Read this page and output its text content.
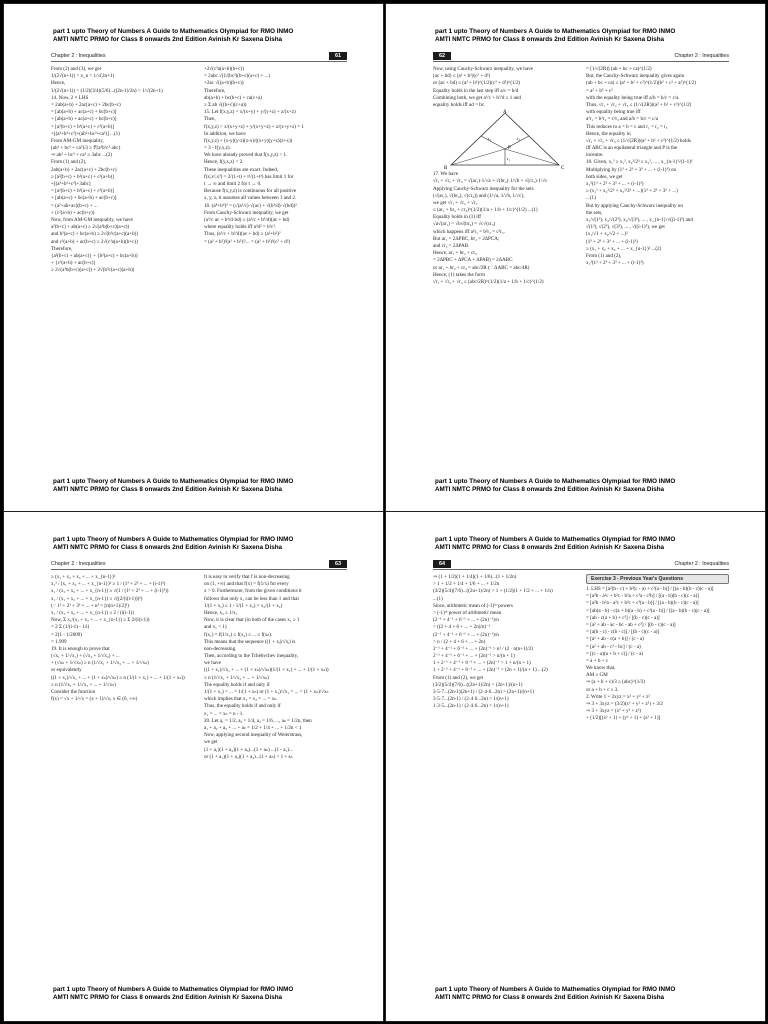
part 1 upto Theory of Numbers A Guide to Mathematics Olympiad for RMO INMO
AMTI NMTC PRMO for Class 8 onwards 2nd Edition Avinish Kr Saxena Disha
Chapter 2 : Inequalities	61
From (2) and (3), we get
1/(2√(n+1)) < x_n < 1/√(2n+1)
Hence,
1/(2√(n+1)) < (1/2)(3/4)(5/6)...((2n-1)/2n) < 1/√(2n+1)
14. Now, 2 × LHS
= 2ab(a+b) + 2ac(a+c) + 2bc(b+c)
= [ab(a+b) + ac(a+c) + bc(b+c)]
+ [ab(a+b) + ac(a+c) + bc(b+c)]
= [a²(b+c) + b²(a+c) + c²(a+b)]
+[(a³+b³+c³)+(ab²+bc²+ca²)] ...(1)
From AM-GM inequality,
(ab³ + bc³ + ca³)/3 ≥ ∛(a³b³c³·abc)
⇒ ab³ + bc³ + ca³ ≥ 3abc ...(2)
From (1) and (2),
2ab(a+b) + 2ac(a+c) + 2bc(b+c)
≥ [a²(b+c) + b²(a+c) + c²(a+b)]
+[(a³+b³+c³)+3abc]
= [a²(b+c) + b²(a+c) + c²(a+b)]
+ [ab(a+c) + bc(a+b) + ac(b+c)]
= (a²+ab+ac)(b+c) + ...
+ (c²(a+b) + ac(b+c))
Now, from AM-GM inequality, we have
a²(b+c) + ab(a+c) ≥ 2√(a³b(b+c)(a+c))
and b²(a+c) + bc(a+b) ≥ 2√(b³c(a+c)(a+b))
and c²(a+b) + ac(b+c) ≥ 2√(c³a(a+b)(b+c))
Therefore,
{a²(b+c) + ab(a+c)} + {b²(a+c) + bc(a+b)}
+ {c²(a+b) + ac(b+c)}
≥ 2√(a³b(b+c)(a+c)) + 2√(b³c(a+c)(a+b))
+2√(c³a(a+b)(b+c))
= 2abc √(1/(bc²)(b+c)(a+c) + ...)
+2ac √((a+b)(b+c))
Therefore,
ab(a+b) + bc(b+c) + ca(c+a)
≥ Σ ab √((b+c)(c+a))
15. Let f(x,y,z) = x/(x+y) + y/(y+z) + z/(x+z)
Then,
f(x,y,z) > x/(x+y+z) + y/(x+y+z) + z/(x+y+z) = 1
In addition, we have
f(x,y,z) + (x-y)(y-z)(z-x)/((x+y)(y+z)(z+x))
= 3 - f(y,x,z).
We have already proved that f(x,y,z) > 1.
Hence, f(y,x,z) < 2.
These inequalities are exact. Indeed,
f(x,x²,x³) = 2/(1+t) + t²/(1+t²) has limit 1 for
t → ∞ and limit 2 for t → 0.
Because f(x,y,z) is continuous for all positive
x, y, z, it assumes all values between 1 and 2.
16. (a⁴+b⁴)² = (√(a³/c)·√(ac) + √(b³/d)·√(bd))²
From Cauchy-Schwarz inequality, we get
(a³/c·ac + b³/d·bd) ≤ (a³/c + b³/d)(ac + bd)
where equality holds iff a²d² = b²c².
Thus, (a³/c + b³/d)(ac + bd) ≥ (a²+b²)²
= (a² + b²)²(a² + b²)²/... = (a² + b²)²(c² + d²)
part 1 upto Theory of Numbers A Guide to Mathematics Olympiad for RMO INMO
AMTI NMTC PRMO for Class 8 onwards 2nd Edition Avinish Kr Saxena Disha
part 1 upto Theory of Numbers A Guide to Mathematics Olympiad for RMO INMO
AMTI NMTC PRMO for Class 8 onwards 2nd Edition Avinish Kr Saxena Disha
62	Chapter 2 : Inequalities
Now, using Cauchy-Schwarz inequality, we have
(ac + bd) ≤ (a² + b²)(c² + d²)
or (ac + bd) ≤ (a² + b²)^(1/2)(c² + d²)^(1/2)
Equality holds in the last step iff a/c = b/d
Combining both, we get a³/c + b³/d ≥ 1 and
equality holds iff ad = bc.
A
B	C
P
r₁
r₂	r₃
17. We have
√r₁ + √r₂ + √r₃ = √(ar₁)·1/√a + √(br₂)·1/√b + √(cr₃)·1/√c
Applying Cauchy-Schwarz inequality for the sets
(√(ar₁), √(br₂), √(cr₃)) and (1/√a, 1/√b, 1/√c),
we get √r₁ + √r₂ + √r₃
≤ (ar₁ + br₂ + cr₃)^(1/2)(1/a + 1/b + 1/c)^(1/2) ...(1)
Equality holds in (1) iff
√a√(ar₁) = √b√(br₂) = √c√(cr₃)
which happens iff a²r₁ = b²r₂ = c²r₃.
But ar₁ = 2ΔPBC, br₂ = 2ΔPCA;
and cr₃ = 2ΔPAB.
Hence, ar₁ + br₂ + cr₃
= 2ΔPBC + ΔPCA + ΔPAB) = 2ΔABC
or ar₁ + br₂ + cr₃ = abc/2R (∵ ΔABC = abc/4R)
Hence, (1) takes the form
√r₁ + √r₂ + √r₃ ≤ (abc/2R)^(1/2)(1/a + 1/b + 1/c)^(1/2)
= (1/√(2R)) (ab + bc + ca)^(1/2)
But, the Cauchy-Schwarz inequality gives again
(ab + bc + ca) ≤ (a² + b² + c²)^(1/2)(b² + c² + a²)^(1/2)
= a² + b² + c²
with the equality being true iff a/b = b/c = c/a
Thus, √r₁ + √r₂ + √r₃ ≤ (1/√(2R))(a² + b² + c²)^(1/2)
with equality being true iff
a²r₁ = b²r₂ = c²r₃ and a/b = b/c = c/a
This reduces to a = b = c and r₁ = r₂ = r₃
Hence, the equality in
√r₁ + √r₂ + √r₃ ≤ (1/√(2R))(a² + b² + c²)^(1/2) holds
iff ΔBC is an equilateral triangle and P is the
incentre.
18. Given, x₁² ≥ x₁², x₂²/2³ ≥ x₂², ... , x_{n-1}²/(1-1)²
Multiplying by (1³ + 2³ + 3³ + ... + (i-1)³) on
both sides, we get
x₁²(1³ + 2³ + 3³ + ... + (i-1)³)
≥ (x₁² + x₂²/2³ + x₃²/3³ + ...)(1³ + 2³ + 3³ + ...)
...(1)
But by applying Cauchy-Schwarz inequality on
the sets,
x₁/√(1³), x₂/√(2³), x₃/√(3³), ... , x_{n-1}/√((i-1)³) and
√(1³), √(2³), √(3³), ... , √((i-1)³), we get
(x₁/√1 + x₂/√2 + ...)²
(1³ + 2³ + 3³ + ... + (i-1)³)
≥ (x₁ + x₂ + x₃ + ... + x_{n-1})² ...(2)
From (1) and (2),
x₁²(1³ + 2³ + 3³ + ... + (i-1)³)
part 1 upto Theory of Numbers A Guide to Mathematics Olympiad for RMO INMO
AMTI NMTC PRMO for Class 8 onwards 2nd Edition Avinish Kr Saxena Disha
part 1 upto Theory of Numbers A Guide to Mathematics Olympiad for RMO INMO
AMTI NMTC PRMO for Class 8 onwards 2nd Edition Avinish Kr Saxena Disha
Chapter 2 : Inequalities	63
≥ (x₁ + x₂ + x₃ + ... + x_{n-1})²
x₁² / (x₁ + x₂ + ... + x_{n-1})² ≥ 1 / (1³ + 2³ + ... + (i-1)³)
x₁ / (x₁ + x₂ + ... + x_{n-1}) ≥ √(1 / (1³ + 2³ + ... + (i-1)³))
x₁ / (x₁ + x₂ + ... + x_{n-1}) ≥ √((2/(i(i-1)))²)
(∵ 1³ + 2³ + 3³ + ... + n³ = [n(n+1)/2]²)
x₁ / (x₁ + x₂ + ... + x_{n-1}) ≥ 2 / (i(i-1))
Now, Σ x₁/(x₁ + x₂ + ... + x_{n-1}) ≥ Σ 2/(i(i-1))
= 2 Σ (1/(i-1) - 1/i)
= 2(1 - 1/2009)
= 1.999
19. It is enough to prove that
(√x₁ + 1/√x₁) + (√x₂ + 1/√x₂) + ...
+ (√xₙ + 1/√xₙ) ≥ n (1/√x₁ + 1/√x₂ + ... + 1/√xₙ)
or equivalently
((1 + x₁)/√x₁ + ... + (1 + xₙ)/√xₙ) ≥ n (1/(1 + x₁) + ... + 1/(1 + xₙ))
≥ n (1/√x₁ + 1/√x₂ + ... + 1/√xₙ)
Consider the function
f(x) = √x + 1/√x = (x + 1)/√x, x ∈ (0, +∞)
It is easy to verify that f is non-decreasing
on (1, +∞) and that f(x) = f(1/x) for every
x > 0. Furthermore, from the given conditions it
follows that only x₁ can be less than 1 and that
1/(1 + x₁) ≤ 1 - 1/(1 + x₂) = x₂/(1 + x₂)
Hence, x₂ ≥ 1/x₁
Now, it is clear that (in both of the cases x₁ ≥ 1
and x₁ < 1)
f(x₁) = f(1/x₁) ≤ f(x₂) ≤ ... ≤ f(xₙ).
This means that the sequence ((1 + xᵢ)/√xᵢ) is
non-decreasing.
Then, according to the Tchebychev inequality,
we have
((1 + x₁)/√x₁ + ... + (1 + xₙ)/√xₙ)(1/(1 + x₁) + ... + 1/(1 + xₙ))
≥ n (1/√x₁ + 1/√x₂ + ... + 1/√xₙ)
The equality holds if and only if
1/(1 + x₁) = ... = 1/(1 + xₙ) or (1 + x₁)/√x₁ = ... = (1 + xₙ)/√xₙ
which implies that x₁ = x₂ = ... = xₙ.
Thus, the equality holds if and only if
x₁ = ... = xₙ = n - 1.
20. Let a₁ = 1/2, a₂ = 1/4, a₃ = 1/6, ..., aₙ = 1/2n, then
a₁ + a₂ + a₃ + ... + aₙ = 1/2 + 1/4 + ... + 1/2n < 1
Now, applying second inequality of Weierstrass,
we get
(1 + a₁)(1 + a₂)(1 + a₃)...(1 + aₙ) ...(1 - a₁)...
or (1 + a₁)(1 + a₂)(1 + a₃)...(1 + aₙ) > 1 + sₙ
part 1 upto Theory of Numbers A Guide to Mathematics Olympiad for RMO INMO
AMTI NMTC PRMO for Class 8 onwards 2nd Edition Avinish Kr Saxena Disha
part 1 upto Theory of Numbers A Guide to Mathematics Olympiad for RMO INMO
AMTI NMTC PRMO for Class 8 onwards 2nd Edition Avinish Kr Saxena Disha
64	Chapter 2 : Inequalities
⇒ (1 + 1/2)(1 + 1/4)(1 + 1/6)...(1 + 1/2n)
> 1 + 1/2 + 1/4 + 1/6 + ... + 1/2n
(3/2)(5/4)(7/6)...((2n+1)/2n) > 1 + (1/2)(1 + 1/2 + ... + 1/n)
...(1)
Since, arithmetic mean of (-1)ᵗʰ powers
> (-1)ᵗʰ power of arithmetic mean
(2⁻¹ + 4⁻¹ + 6⁻¹ + ... + (2n)⁻¹)/n
> ((2 + 4 + 6 + ... + 2n)/n)⁻¹
(2⁻¹ + 4⁻¹ + 6⁻¹ + ... + (2n)⁻¹)/n
> n / (2 + 4 + 6 + ... + 2n)
2⁻¹ + 4⁻¹ + 6⁻¹ + ... + (2n)⁻¹ > n² / (2 · n(n+1)/2)
2⁻¹ + 4⁻¹ + 6⁻¹ + ... + (2n)⁻¹ > n/(n + 1)
1 + 2⁻¹ + 4⁻¹ + 6⁻¹ + ... + (2n)⁻¹ > 1 + n/(n + 1)
1 + 2⁻¹ + 4⁻¹ + 6⁻¹ + ... + (2n)⁻¹ > (2n + 1)/(n + 1) ...(2)
From (1) and (2), we get
(3/2)(5/4)(7/6)...((2n+1)/2n) > (2n+1)/(n+1)
3·5·7...(2n-1)(2n+1) / (2·4·6...2n) > (2n+1)/(n+1)
3·5·7...(2n-1) / (2·4·6...2n) > 1/(n+1)
1·3·5...(2n-1) / (2·4·6...2n) > 1/(n+1)
Exercise 3 - Previous Year's Questions
1. LHS = [a²(b - c) + b²(c - a) + c²(a - b)] / [(a - b)(b - c)(c - a)]
= [a²b - a²c + b²c - b²a + c²a - c²b] / [(a - b)(b - c)(c - a)]
= [a²b - b²a - a²c + b²c + c²(a - b)] / [(a - b)(b - c)(c - a)]
= [ab(a - b) - c(a + b)(a - b) + c²(a - b)] / [(a - b)(b - c)(c - a)]
= [ab - c(a + b) + c²] / [(b - c)(c - a)]
= [a² + ab - ac - bc - ab + c²] / [(b - c)(c - a)]
= [a(b - c) - c(b - c)] / [(b - c)(c - a)]
= [a² + ab - c(a + b)] / (c - a)
= [a² + ab - c² - bc] / (c - a)
= [(c - a)(a + b + c)] / (c - a)
= a + b + c
We know that,
AM ≥ GM
⇒ (a + b + c)/3 ≥ (abc)^(1/3)
or a + b + c ≥ 3.
2. Write 1 + 2xyz = x² + y² + z²
⇒ 3 + 3xyz = (3/2)(x² + y² + z²) + 3/2
⇒ 3 + 3xyz = (x² + y² + z²)
+ (1/2)[(x² + 1) + (y² + 1) + (z² + 1)]
part 1 upto Theory of Numbers A Guide to Mathematics Olympiad for RMO INMO
AMTI NMTC PRMO for Class 8 onwards 2nd Edition Avinish Kr Saxena Disha
